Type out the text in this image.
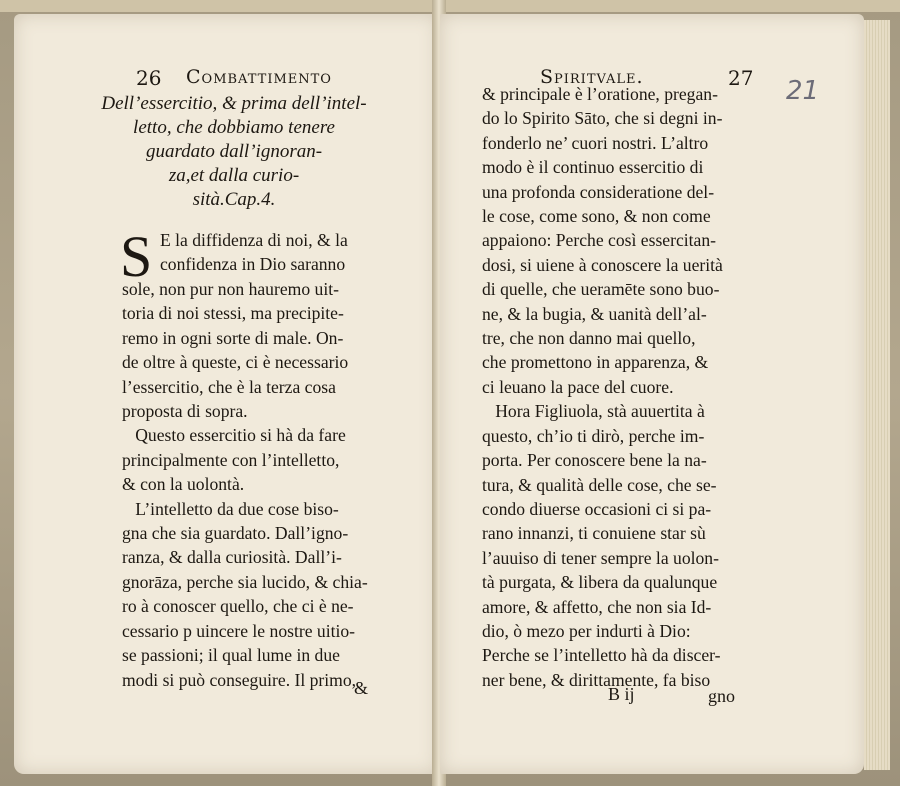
26 Combattimento
Dell’essercitio, & prima dell’intel-
letto, che dobbiamo tenere
guardato dall’ignoran-
za,et dalla curio-
sità.Cap.4.
S E la diffidenza di noi, & la
confidenza in Dio saranno
sole, non pur non hauremo uit-
toria di noi stessi, ma precipite-
remo in ogni sorte di male. On-
de oltre à queste, ci è necessario
l’essercitio, che è la terza cosa
proposta di sopra.
Questo essercitio si hà da fare
principalmente con l’intelletto,
& con la uolontà.
L’intelletto da due cose biso-
gna che sia guardato. Dall’igno-
ranza, & dalla curiosità. Dall’i-
gnorāza, perche sia lucido, & chia-
ro à conoscer quello, che ci è ne-
cessario p uincere le nostre uitio-
se passioni; il qual lume in due
modi si può conseguire. Il primo,
&
Spiritvale.	27 21
& principale è l’oratione, pregan-
do lo Spirito Sāto, che si degni in-
fonderlo ne’ cuori nostri. L’altro
modo è il continuo essercitio di
una profonda consideratione del-
le cose, come sono, & non come
appaiono: Perche così essercitan-
dosi, si uiene à conoscere la uerità
di quelle, che ueramēte sono buo-
ne, & la bugia, & uanità dell’al-
tre, che non danno mai quello,
che promettono in apparenza, &
ci leuano la pace del cuore.
Hora Figliuola, stà auuertita à
questo, ch’io ti dirò, perche im-
porta. Per conoscere bene la na-
tura, & qualità delle cose, che se-
condo diuerse occasioni ci si pa-
rano innanzi, ti conuiene star sù
l’auuiso di tener sempre la uolon-
tà purgata, & libera da qualunque
amore, & affetto, che non sia Id-
dio, ò mezo per indurti à Dio:
Perche se l’intelletto hà da discer-
ner bene, & dirittamente, fa biso
B ij	gno
